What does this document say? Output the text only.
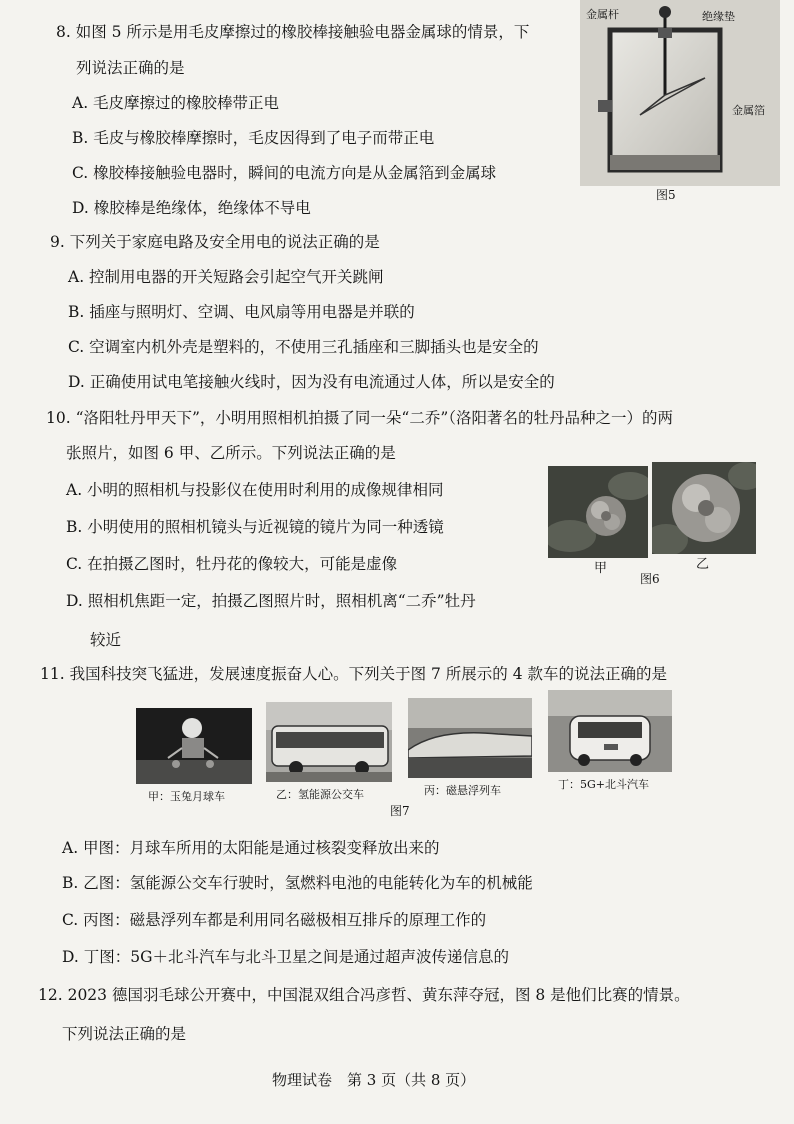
8. 如图 5 所示是用毛皮摩擦过的橡胶棒接触验电器金属球的情景，下
列说法正确的是
A. 毛皮摩擦过的橡胶棒带正电
B. 毛皮与橡胶棒摩擦时，毛皮因得到了电子而带正电
C. 橡胶棒接触验电器时，瞬间的电流方向是从金属箔到金属球
D. 橡胶棒是绝缘体，绝缘体不导电
金属杆	绝缘垫
金属箔
图5
9. 下列关于家庭电路及安全用电的说法正确的是
A. 控制用电器的开关短路会引起空气开关跳闸
B. 插座与照明灯、空调、电风扇等用电器是并联的
C. 空调室内机外壳是塑料的，不使用三孔插座和三脚插头也是安全的
D. 正确使用试电笔接触火线时，因为没有电流通过人体，所以是安全的
10. “洛阳牡丹甲天下”，小明用照相机拍摄了同一朵“二乔”（洛阳著名的牡丹品种之一）的两
张照片，如图 6 甲、乙所示。下列说法正确的是
A. 小明的照相机与投影仪在使用时利用的成像规律相同
B. 小明使用的照相机镜头与近视镜的镜片为同一种透镜
C. 在拍摄乙图时，牡丹花的像较大，可能是虚像
D. 照相机焦距一定，拍摄乙图照片时，照相机离“二乔”牡丹
较近
甲	乙
图6
11. 我国科技突飞猛进，发展速度振奋人心。下列关于图 7 所展示的 4 款车的说法正确的是
甲：玉兔月球车	乙：氢能源公交车	丙：磁悬浮列车	丁：5G+北斗汽车
图7
A. 甲图：月球车所用的太阳能是通过核裂变释放出来的
B. 乙图：氢能源公交车行驶时，氢燃料电池的电能转化为车的机械能
C. 丙图：磁悬浮列车都是利用同名磁极相互排斥的原理工作的
D. 丁图：5G＋北斗汽车与北斗卫星之间是通过超声波传递信息的
12. 2023 德国羽毛球公开赛中，中国混双组合冯彦哲、黄东萍夺冠，图 8 是他们比赛的情景。
下列说法正确的是
物理试卷　第 3 页（共 8 页）
